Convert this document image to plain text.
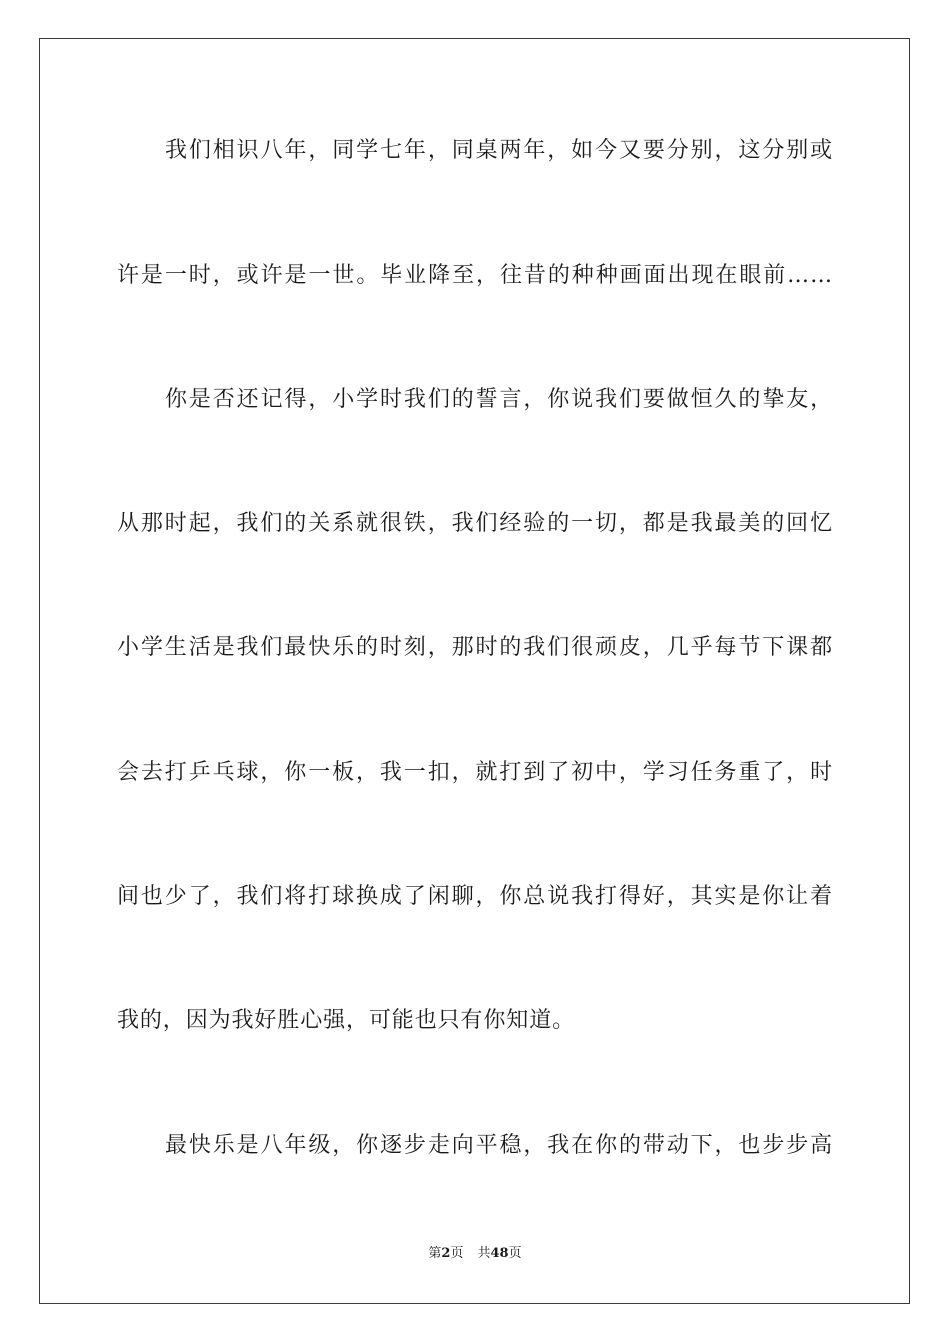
我们相识八年，同学七年，同桌两年，如今又要分别，这分别或
许是一时，或许是一世。毕业降至，往昔的种种画面出现在眼前……
你是否还记得，小学时我们的誓言，你说我们要做恒久的挚友，
从那时起，我们的关系就很铁，我们经验的一切，都是我最美的回忆
小学生活是我们最快乐的时刻，那时的我们很顽皮，几乎每节下课都
会去打乒乓球，你一板，我一扣，就打到了初中，学习任务重了，时
间也少了，我们将打球换成了闲聊，你总说我打得好，其实是你让着
我的，因为我好胜心强，可能也只有你知道。
最快乐是八年级，你逐步走向平稳，我在你的带动下，也步步高
第2页 共48页
